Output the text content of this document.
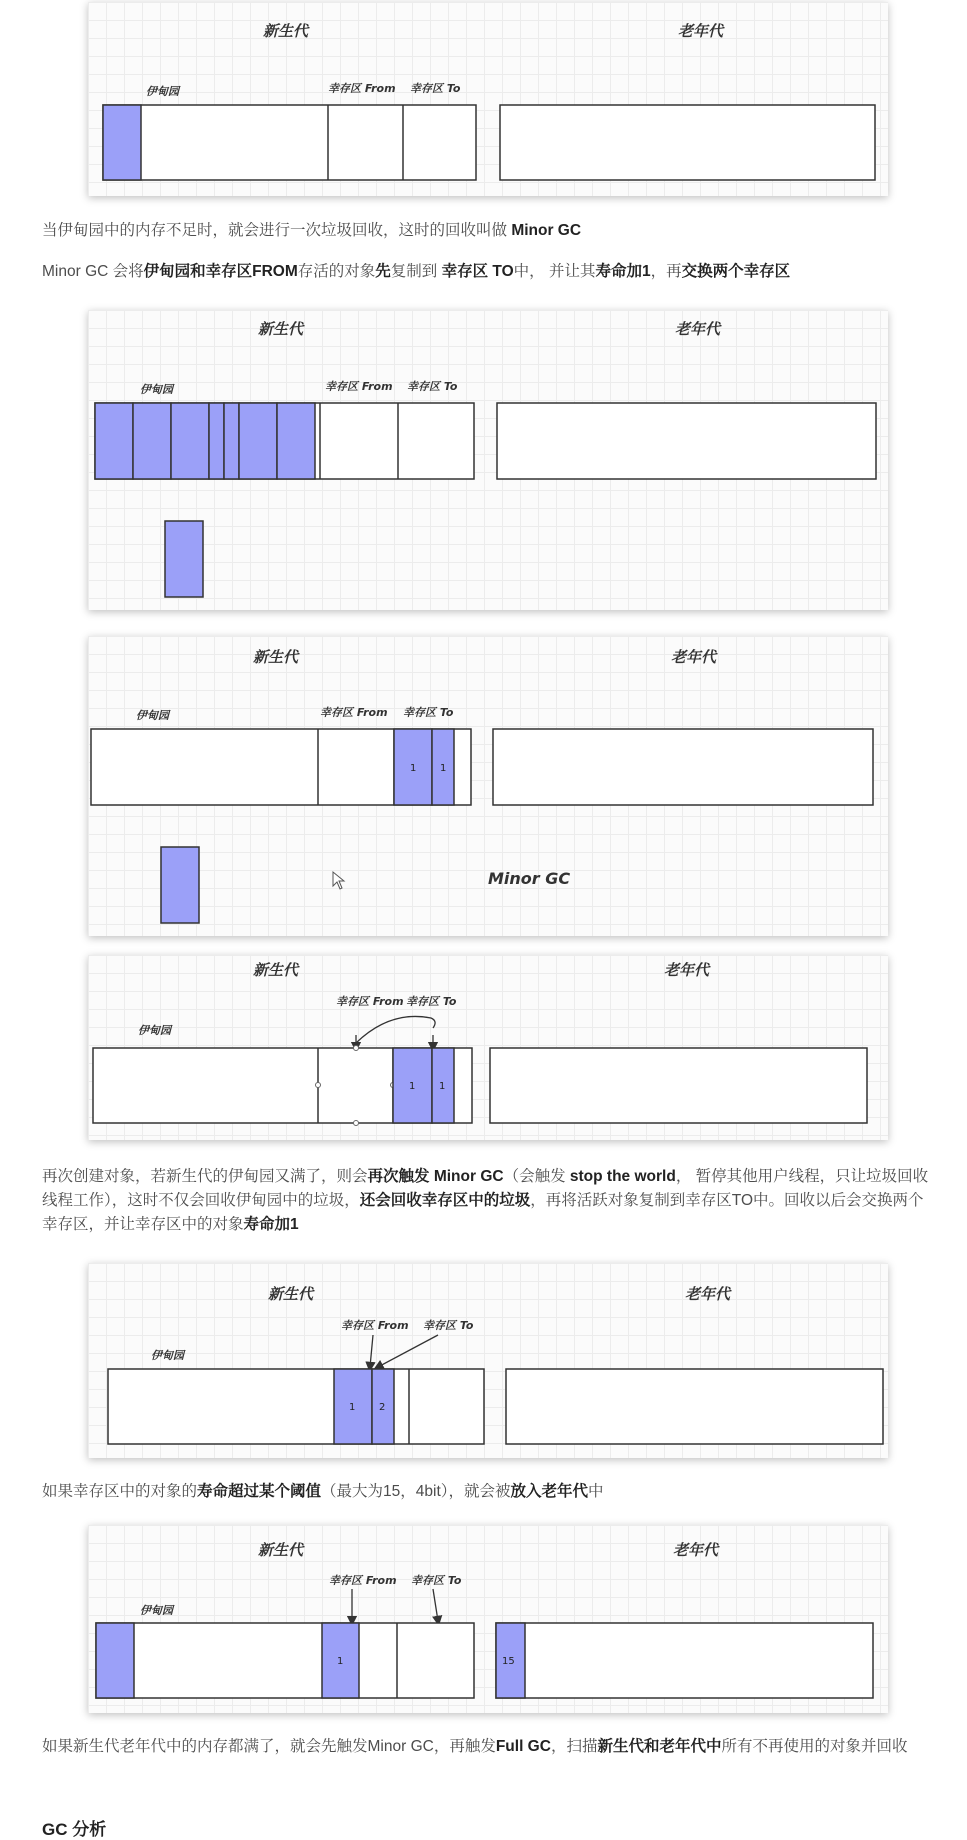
新生代	老年代
伊甸园	幸存区 From 幸存区 To

当伊甸园中的内存不足时，就会进行一次垃圾回收，这时的回收叫做 Minor GC

Minor GC 会将伊甸园和幸存区FROM存活的对象先复制到 幸存区 TO中， 并让其寿命加1，再交换两个幸存区

新生代	老年代
伊甸园	幸存区 From 幸存区 To
新生代	老年代
伊甸园	幸存区 From 幸存区 To
1 1
Minor GC
新生代	老年代
幸存区 From 幸存区 To
伊甸园
1 1

再次创建对象，若新生代的伊甸园又满了，则会再次触发 Minor GC（会触发 stop the world， 暂停其他用户线程，只让垃圾回收线程工作），这时不仅会回收伊甸园中的垃圾，还会回收幸存区中的垃圾，再将活跃对象复制到幸存区TO中。回收以后会交换两个幸存区，并让幸存区中的对象寿命加1

新生代	老年代
幸存区 From 幸存区 To
伊甸园
1 2

如果幸存区中的对象的寿命超过某个阈值（最大为15，4bit），就会被放入老年代中

新生代	老年代
幸存区 From 幸存区 To
伊甸园
1	15

如果新生代老年代中的内存都满了，就会先触发Minor GC，再触发Full GC，扫描新生代和老年代中所有不再使用的对象并回收

GC 分析
